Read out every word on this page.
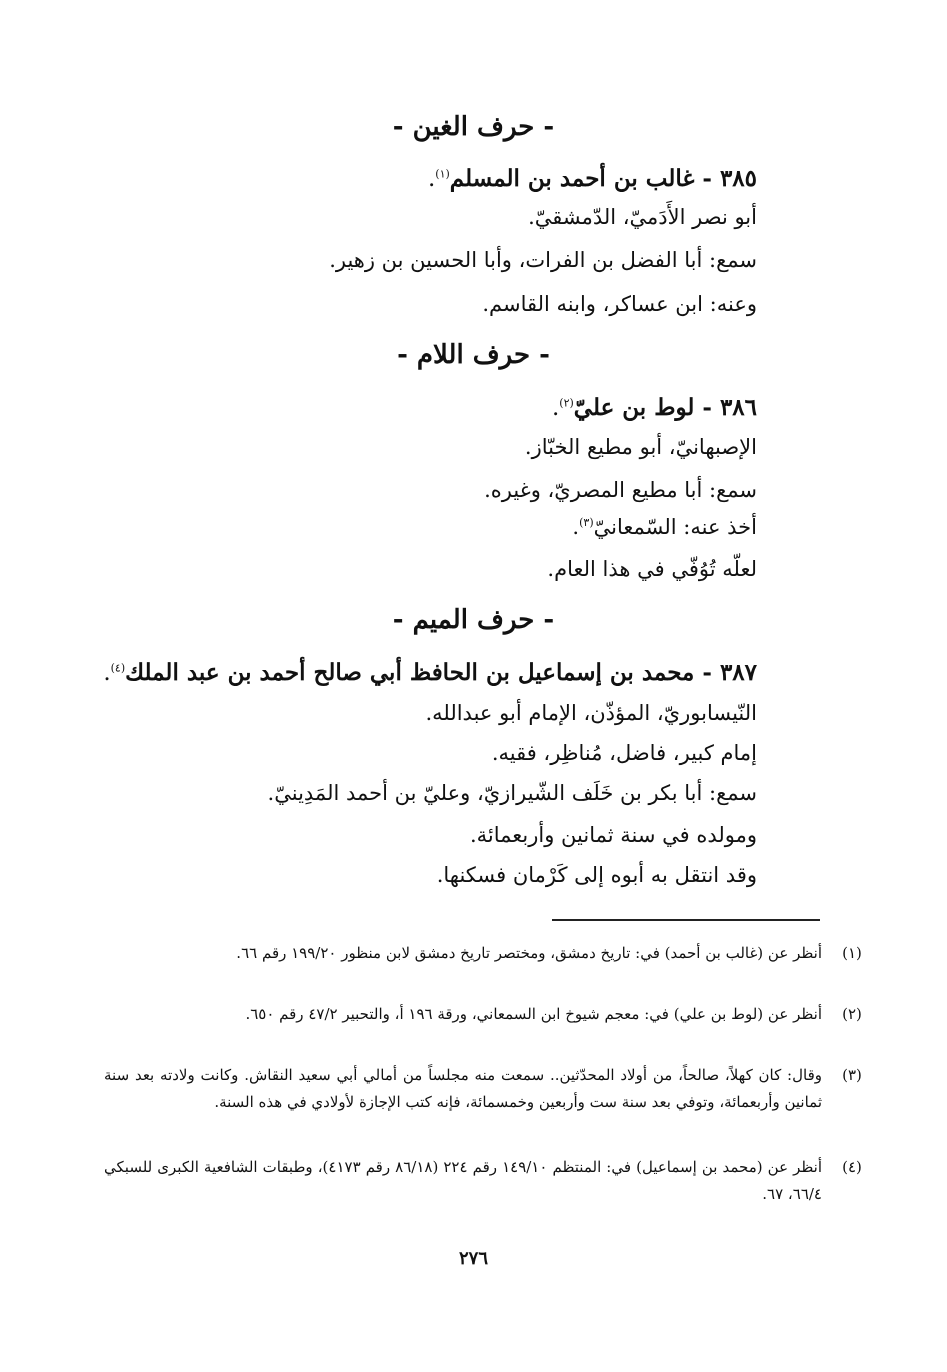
- حرف الغين -
٣٨٥ - غالب بن أحمد بن المسلم$^{(١)}$.
أبو نصر الأَدَميّ، الدّمشقيّ.
سمع: أبا الفضل بن الفرات، وأبا الحسين بن زهير.
وعنه: ابن عساكر، وابنه القاسم.
- حرف اللام -
٣٨٦ - لوط بن عليّ$^{(٢)}$.
الإصبهانيّ، أبو مطيع الخبّاز.
سمع: أبا مطيع المصريّ، وغيره.
أخذ عنه: السّمعانيّ$^{(٣)}$.
لعلّه تُوُفّي في هذا العام.
- حرف الميم -
٣٨٧ - محمد بن إسماعيل بن الحافظ أبي صالح أحمد بن عبد الملك$^{(٤)}$.
النّيسابوريّ، المؤذّن، الإمام أبو عبدالله.
إمام كبير، فاضل، مُناظِر، فقيه.
سمع: أبا بكر بن خَلَف الشّيرازيّ، وعليّ بن أحمد المَدِينيّ.
ومولده في سنة ثمانين وأربعمائة.
وقد انتقل به أبوه إلى كَرْمان فسكنها.
(١)
أنظر عن (غالب بن أحمد) في: تاريخ دمشق، ومختصر تاريخ دمشق لابن منظور ١٩٩/٢٠ رقم ٦٦.
(٢)
أنظر عن (لوط بن علي) في: معجم شيوخ ابن السمعاني، ورقة ١٩٦ أ، والتحبير ٤٧/٢ رقم ٦٥٠.
(٣)
وقال: كان كهلاً، صالحاً، من أولاد المحدّثين.. سمعت منه مجلساً من أمالي أبي سعيد النقاش. وكانت ولادته بعد سنة ثمانين وأربعمائة، وتوفي بعد سنة ست وأربعين وخمسمائة، فإنه كتب الإجازة لأولادي في هذه السنة.
(٤)
أنظر عن (محمد بن إسماعيل) في: المنتظم ١٤٩/١٠ رقم ٢٢٤ (٨٦/١٨ رقم ٤١٧٣)، وطبقات الشافعية الكبرى للسبكي ٦٦/٤، ٦٧.
٢٧٦
